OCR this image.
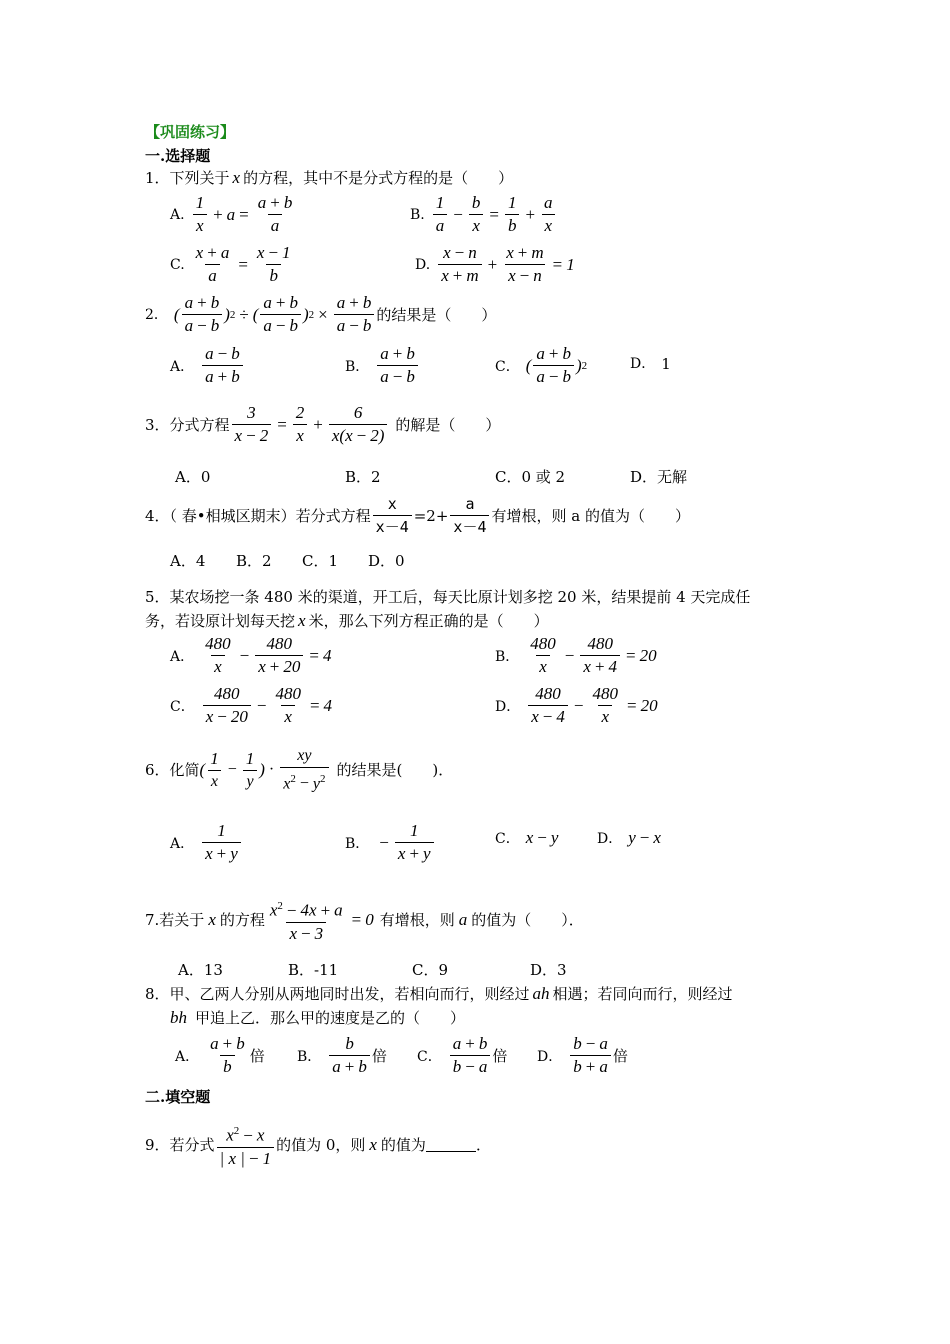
【巩固练习】
一.选择题
1．下列关于 x 的方程，其中不是分式方程的是（　　）
A. $\frac{1}{x} + a = \frac{a + b}{a}$	B. $\frac{1}{a} - \frac{b}{x} = \frac{1}{b} + \frac{a}{x}$
C. $\frac{x + a}{a} = \frac{x - 1}{b}$	D. $\frac{x - n}{x + m} + \frac{x + m}{x - n} = 1$
2． ( $\frac{a + b}{a - b}$ ) 2 ÷ ( $\frac{a + b}{a - b}$ ) $2 \times \frac{a + b}{a - b}$ 的结果是（　　）
A． $\frac{a - b}{a + b}$	B． $\frac{a + b}{a - b}$	C． ( $\frac{a + b}{a - b}$ ) 2	D． 1
3．分式方程 $\frac{3}{x - 2} = \frac{2}{x} + \frac{6}{x(x - 2)}$ 的解是（　　）
A．0	B．2	C．0 或 2	D．无解
4．（ 春•相城区期末）若分式方程 $\frac{x}{x-4} =2+ \frac{a}{x-4}$ 有增根，则 a 的值为（　　）
A．4 B．2 C．1 D．0
5．某农场挖一条 480 米的渠道，开工后，每天比原计划多挖 20 米，结果提前 4 天完成任
务，若设原计划每天挖 x 米，那么下列方程正确的是（　　）
A． $\frac{480}{x} - \frac{480}{x + 20} = 4$	B． $\frac{480}{x} - \frac{480}{x + 4} = 20$
C． $\frac{480}{x - 20} - \frac{480}{x} = 4$	D． $\frac{480}{x - 4} - \frac{480}{x} = 20$
6．化简 ( $\frac{1}{x} - \frac{1}{y}$ ) · $\frac{xy}{x^2 - y^2}$ 的结果是(　　)．
A． $\frac{1}{x + y}$	B． − $\frac{1}{x + y}$	C． x − y	D． y − x
7.若关于 x 的方程 $\frac{x^2 - 4x + a}{x - 3} = 0$ 有增根，则 a 的值为（　　）．
A．13	B．-11	C．9	D．3
8．甲、乙两人分别从两地同时出发，若相向而行，则经过 ah 相遇；若同向而行，则经过
bh 甲追上乙．那么甲的速度是乙的（　　）
A． $\frac{a + b}{b}$ 倍 B． $\frac{b}{a + b}$ 倍 C． $\frac{a + b}{b - a}$ 倍 D． $\frac{b - a}{b + a}$ 倍
二.填空题
9．若分式 $\frac{x^2 - x}{| x | - 1}$ 的值为 0，则 x 的值为	．
